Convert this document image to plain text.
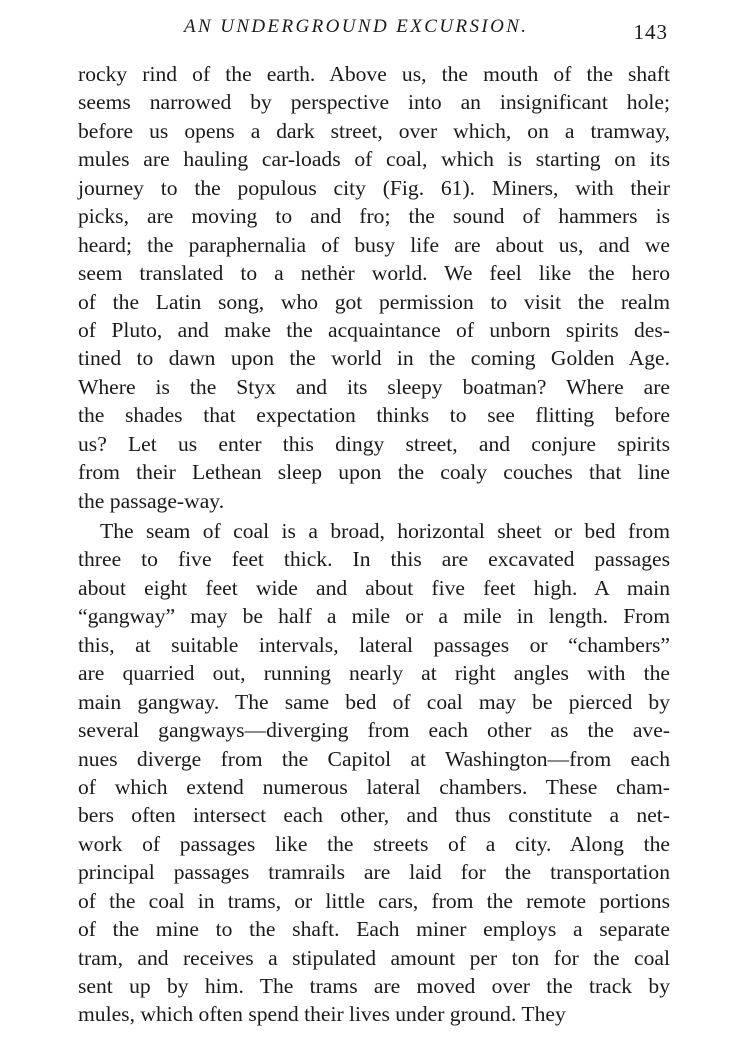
AN UNDERGROUND EXCURSION.	143
rocky rind of the earth. Above us, the mouth of the shaft
seems narrowed by perspective into an insignificant hole;
before us opens a dark street, over which, on a tramway,
mules are hauling car-loads of coal, which is starting on its
journey to the populous city (Fig. 61). Miners, with their
picks, are moving to and fro; the sound of hammers is
heard; the paraphernalia of busy life are about us, and we
seem translated to a nethėr world. We feel like the hero
of the Latin song, who got permission to visit the realm
of Pluto, and make the acquaintance of unborn spirits des-
tined to dawn upon the world in the coming Golden Age.
Where is the Styx and its sleepy boatman? Where are
the shades that expectation thinks to see flitting before
us? Let us enter this dingy street, and conjure spirits
from their Lethean sleep upon the coaly couches that line
the passage-way.
The seam of coal is a broad, horizontal sheet or bed from
three to five feet thick. In this are excavated passages
about eight feet wide and about five feet high. A main
“gangway” may be half a mile or a mile in length. From
this, at suitable intervals, lateral passages or “chambers”
are quarried out, running nearly at right angles with the
main gangway. The same bed of coal may be pierced by
several gangways—diverging from each other as the ave-
nues diverge from the Capitol at Washington—from each
of which extend numerous lateral chambers. These cham-
bers often intersect each other, and thus constitute a net-
work of passages like the streets of a city. Along the
principal passages tramrails are laid for the transportation
of the coal in trams, or little cars, from the remote portions
of the mine to the shaft. Each miner employs a separate
tram, and receives a stipulated amount per ton for the coal
sent up by him. The trams are moved over the track by
mules, which often spend their lives under ground. They
